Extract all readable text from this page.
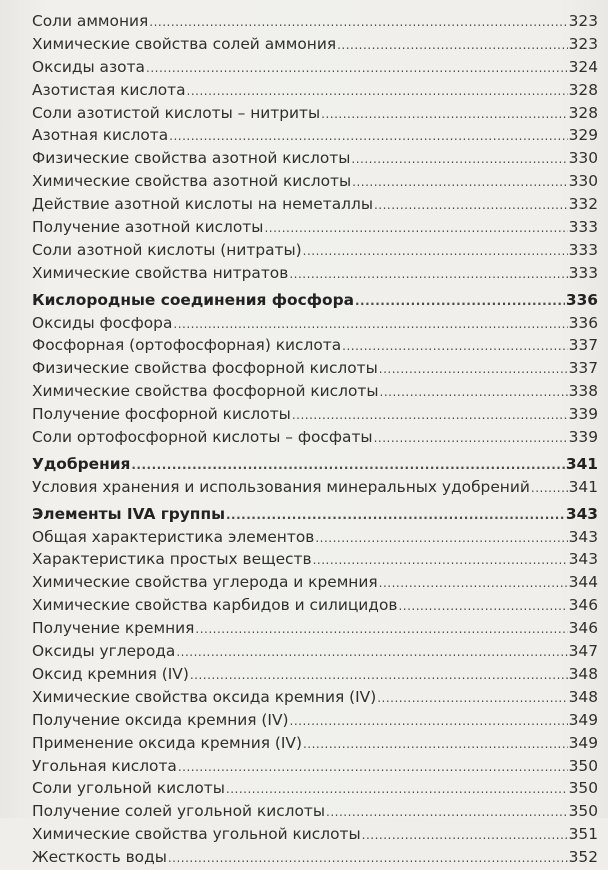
Соли аммония .....	323
Химические свойства солей аммония .....	323
Оксиды азота .....	324
Азотистая кислота .....	328
Соли азотистой кислоты – нитриты .....	328
Азотная кислота .....	329
Физические свойства азотной кислоты .....	330
Химические свойства азотной кислоты .....	330
Действие азотной кислоты на неметаллы .....	332
Получение азотной кислоты .....	333
Соли азотной кислоты (нитраты) .....	333
Химические свойства нитратов .....	333
Кислородные соединения фосфора .....	336
Оксиды фосфора .....	336
Фосфорная (ортофосфорная) кислота .....	337
Физические свойства фосфорной кислоты .....	337
Химические свойства фосфорной кислоты .....	338
Получение фосфорной кислоты .....	339
Соли ортофосфорной кислоты – фосфаты .....	339
Удобрения .....	341
Условия хранения и использования минеральных удобрений .....	341
Элементы IVA группы .....	343
Общая характеристика элементов .....	343
Характеристика простых веществ .....	343
Химические свойства углерода и кремния .....	344
Химические свойства карбидов и силицидов .....	346
Получение кремния .....	346
Оксиды углерода .....	347
Оксид кремния (IV) .....	348
Химические свойства оксида кремния (IV) .....	348
Получение оксида кремния (IV) .....	349
Применение оксида кремния (IV) .....	349
Угольная кислота .....	350
Соли угольной кислоты .....	350
Получение солей угольной кислоты .....	350
Химические свойства угольной кислоты .....	351
Жесткость воды .....	352
